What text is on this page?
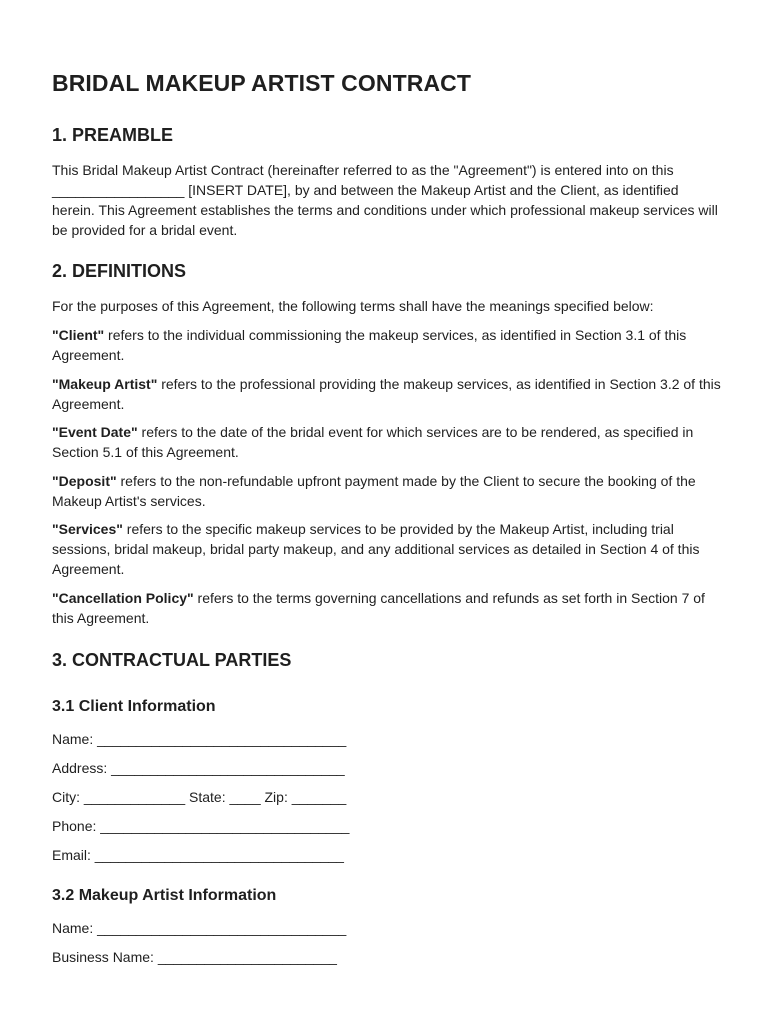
BRIDAL MAKEUP ARTIST CONTRACT
1. PREAMBLE

This Bridal Makeup Artist Contract (hereinafter referred to as the "Agreement") is entered into on this _________________ [INSERT DATE], by and between the Makeup Artist and the Client, as identified herein. This Agreement establishes the terms and conditions under which professional makeup services will be provided for a bridal event.

2. DEFINITIONS

For the purposes of this Agreement, the following terms shall have the meanings specified below:

"Client" refers to the individual commissioning the makeup services, as identified in Section 3.1 of this Agreement.

"Makeup Artist" refers to the professional providing the makeup services, as identified in Section 3.2 of this Agreement.

"Event Date" refers to the date of the bridal event for which services are to be rendered, as specified in Section 5.1 of this Agreement.

"Deposit" refers to the non-refundable upfront payment made by the Client to secure the booking of the Makeup Artist's services.

"Services" refers to the specific makeup services to be provided by the Makeup Artist, including trial sessions, bridal makeup, bridal party makeup, and any additional services as detailed in Section 4 of this Agreement.

"Cancellation Policy" refers to the terms governing cancellations and refunds as set forth in Section 7 of this Agreement.

3. CONTRACTUAL PARTIES
3.1 Client Information
Name: ________________________________
Address: ______________________________
City: _____________ State: ____ Zip: _______
Phone: ________________________________
Email: ________________________________
3.2 Makeup Artist Information
Name: ________________________________
Business Name: _______________________
